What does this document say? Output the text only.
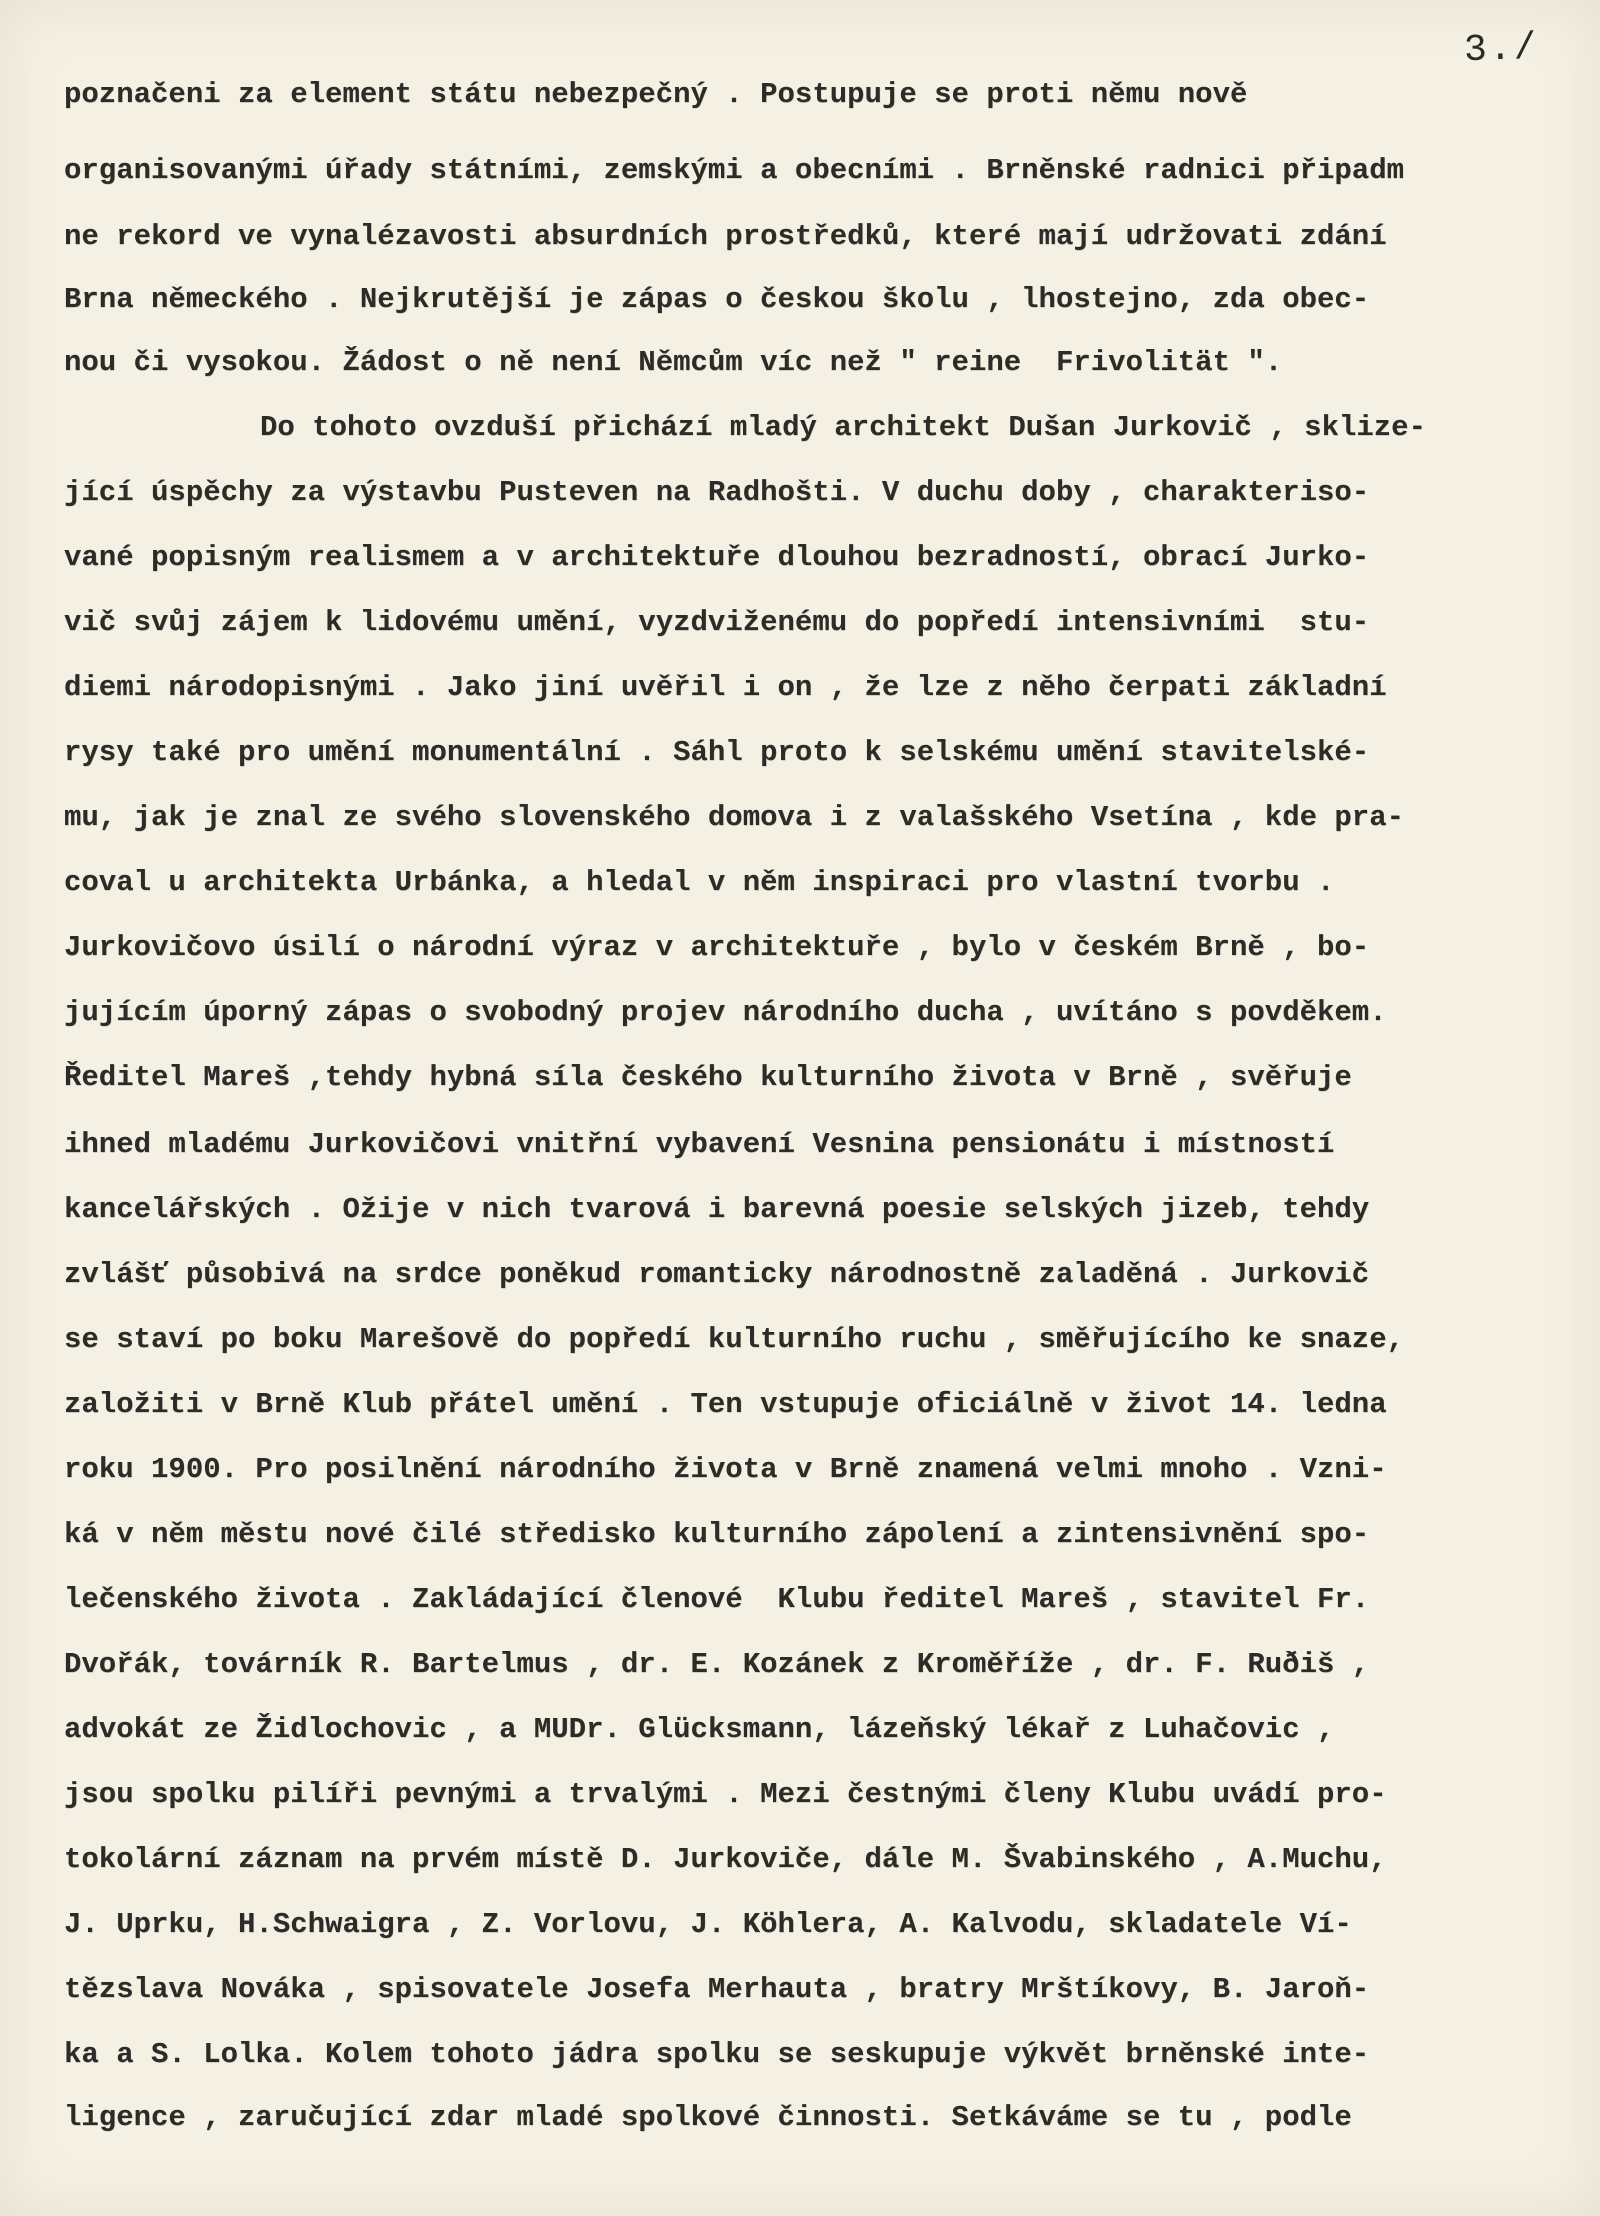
3./
poznačeni za element státu nebezpečný . Postupuje se proti němu nově
organisovanými úřady státními, zemskými a obecními . Brněnské radnici připadm
ne rekord ve vynalézavosti absurdních prostředků, které mají udržovati zdání
Brna německého . Nejkrutější je zápas o českou školu , lhostejno, zda obec-
nou či vysokou. Žádost o ně není Němcům víc než " reine  Frivolität ".
Do tohoto ovzduší přichází mladý architekt Dušan Jurkovič , sklize-
jící úspěchy za výstavbu Pusteven na Radhošti. V duchu doby , charakteriso-
vané popisným realismem a v architektuře dlouhou bezradností, obrací Jurko-
vič svůj zájem k lidovému umění, vyzdviženému do popředí intensivními  stu-
diemi národopisnými . Jako jiní uvěřil i on , že lze z něho čerpati základní
rysy také pro umění monumentální . Sáhl proto k selskému umění stavitelské-
mu, jak je znal ze svého slovenského domova i z valašského Vsetína , kde pra-
coval u architekta Urbánka, a hledal v něm inspiraci pro vlastní tvorbu .
Jurkovičovo úsilí o národní výraz v architektuře , bylo v českém Brně , bo-
jujícím úporný zápas o svobodný projev národního ducha , uvítáno s povděkem.
Ředitel Mareš ,tehdy hybná síla českého kulturního života v Brně , svěřuje
ihned mladému Jurkovičovi vnitřní vybavení Vesnina pensionátu i místností
kancelářských . Ožije v nich tvarová i barevná poesie selských jizeb, tehdy
zvlášť působivá na srdce poněkud romanticky národnostně zaladěná . Jurkovič
se staví po boku Marešově do popředí kulturního ruchu , směřujícího ke snaze,
založiti v Brně Klub přátel umění . Ten vstupuje oficiálně v život 14. ledna
roku 1900. Pro posilnění národního života v Brně znamená velmi mnoho . Vzni-
ká v něm městu nové čilé středisko kulturního zápolení a zintensivnění spo-
lečenského života . Zakládající členové  Klubu ředitel Mareš , stavitel Fr.
Dvořák, továrník R. Bartelmus , dr. E. Kozánek z Kroměříže , dr. F. Ruðiš ,
advokát ze Židlochovic , a MUDr. Glücksmann, lázeňský lékař z Luhačovic ,
jsou spolku pilíři pevnými a trvalými . Mezi čestnými členy Klubu uvádí pro-
tokolární záznam na prvém místě D. Jurkoviče, dále M. Švabinského , A.Muchu,
J. Uprku, H.Schwaigra , Z. Vorlovu, J. Köhlera, A. Kalvodu, skladatele Ví-
tězslava Nováka , spisovatele Josefa Merhauta , bratry Mrštíkovy, B. Jaroň-
ka a S. Lolka. Kolem tohoto jádra spolku se seskupuje výkvět brněnské inte-
ligence , zaručující zdar mladé spolkové činnosti. Setkáváme se tu , podle
